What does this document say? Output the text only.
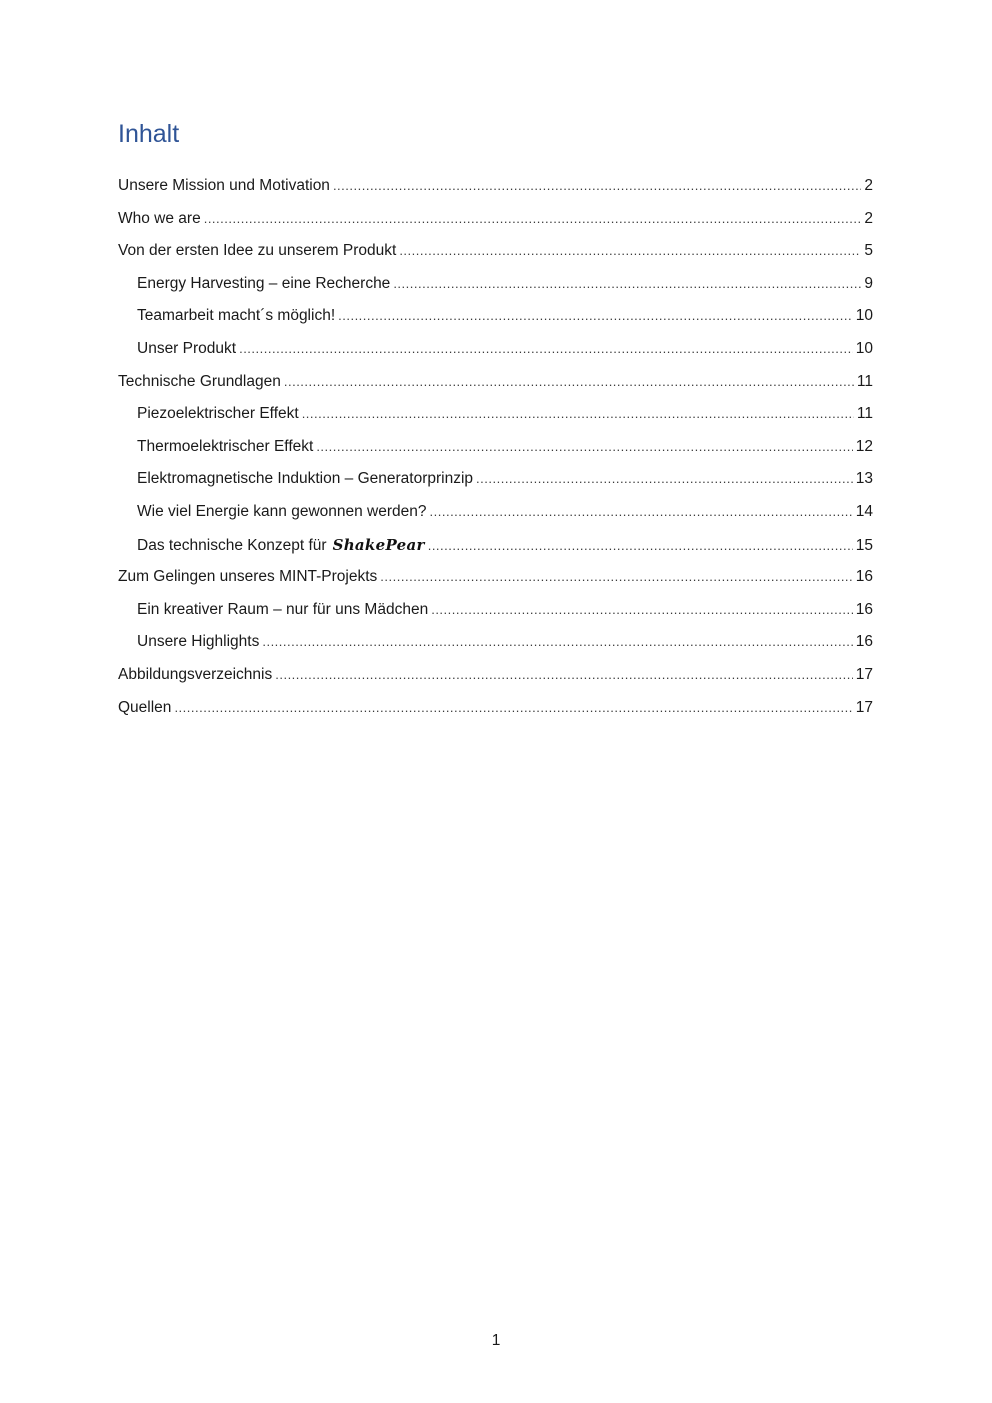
Inhalt
Unsere Mission und Motivation .....	2
Who we are .....	2
Von der ersten Idee zu unserem Produkt .....	5
Energy Harvesting – eine Recherche .....	9
Teamarbeit macht´s möglich! .....	10
Unser Produkt .....	10
Technische Grundlagen .....	11
Piezoelektrischer Effekt .....	11
Thermoelektrischer Effekt .....	12
Elektromagnetische Induktion – Generatorprinzip .....	13
Wie viel Energie kann gewonnen werden? .....	14
Das technische Konzept für ShakePear .....	15
Zum Gelingen unseres MINT-Projekts .....	16
Ein kreativer Raum – nur für uns Mädchen .....	16
Unsere Highlights .....	16
Abbildungsverzeichnis .....	17
Quellen .....	17
1
